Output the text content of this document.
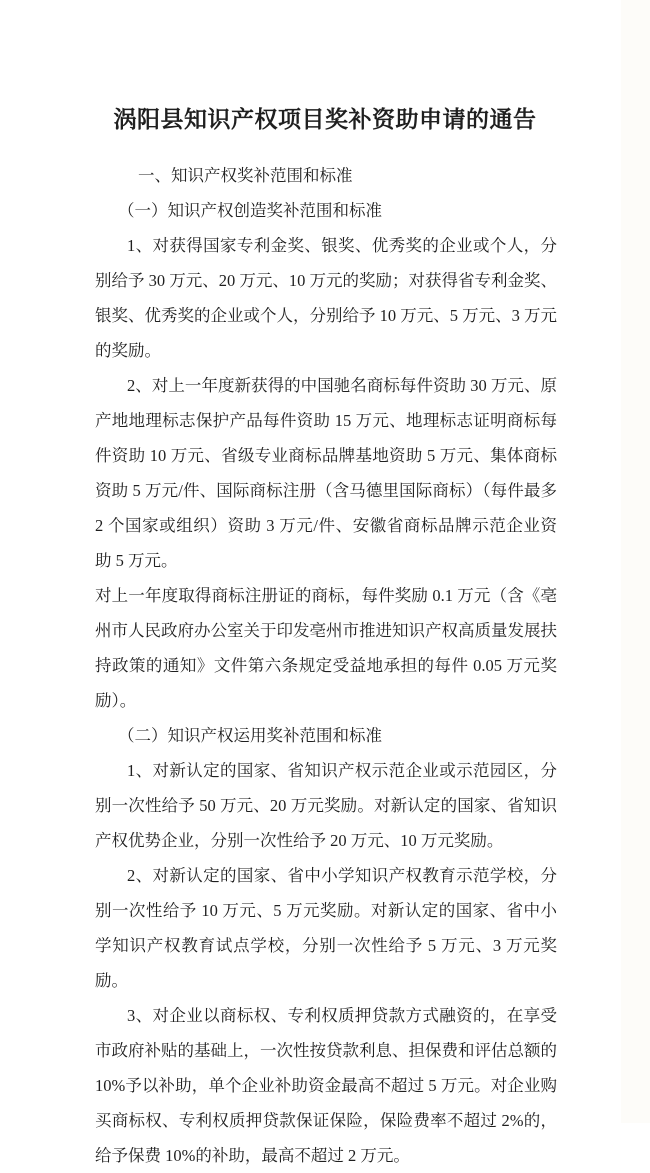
涡阳县知识产权项目奖补资助申请的通告

一、知识产权奖补范围和标准

（一）知识产权创造奖补范围和标准

1、对获得国家专利金奖、银奖、优秀奖的企业或个人，分别给予 30 万元、20 万元、10 万元的奖励；对获得省专利金奖、银奖、优秀奖的企业或个人，分别给予 10 万元、5 万元、3 万元的奖励。

2、对上一年度新获得的中国驰名商标每件资助 30 万元、原产地地理标志保护产品每件资助 15 万元、地理标志证明商标每件资助 10 万元、省级专业商标品牌基地资助 5 万元、集体商标资助 5 万元/件、国际商标注册（含马德里国际商标）（每件最多 2 个国家或组织）资助 3 万元/件、安徽省商标品牌示范企业资助 5 万元。

对上一年度取得商标注册证的商标，每件奖励 0.1 万元（含《亳州市人民政府办公室关于印发亳州市推进知识产权高质量发展扶持政策的通知》文件第六条规定受益地承担的每件 0.05 万元奖励）。

（二）知识产权运用奖补范围和标准

1、对新认定的国家、省知识产权示范企业或示范园区，分别一次性给予 50 万元、20 万元奖励。对新认定的国家、省知识产权优势企业，分别一次性给予 20 万元、10 万元奖励。

2、对新认定的国家、省中小学知识产权教育示范学校，分别一次性给予 10 万元、5 万元奖励。对新认定的国家、省中小学知识产权教育试点学校，分别一次性给予 5 万元、3 万元奖励。

3、对企业以商标权、专利权质押贷款方式融资的，在享受市政府补贴的基础上，一次性按贷款利息、担保费和评估总额的 10%予以补助，单个企业补助资金最高不超过 5 万元。对企业购买商标权、专利权质押贷款保证保险，保险费率不超过 2%的，给予保费 10%的补助，最高不超过 2 万元。
